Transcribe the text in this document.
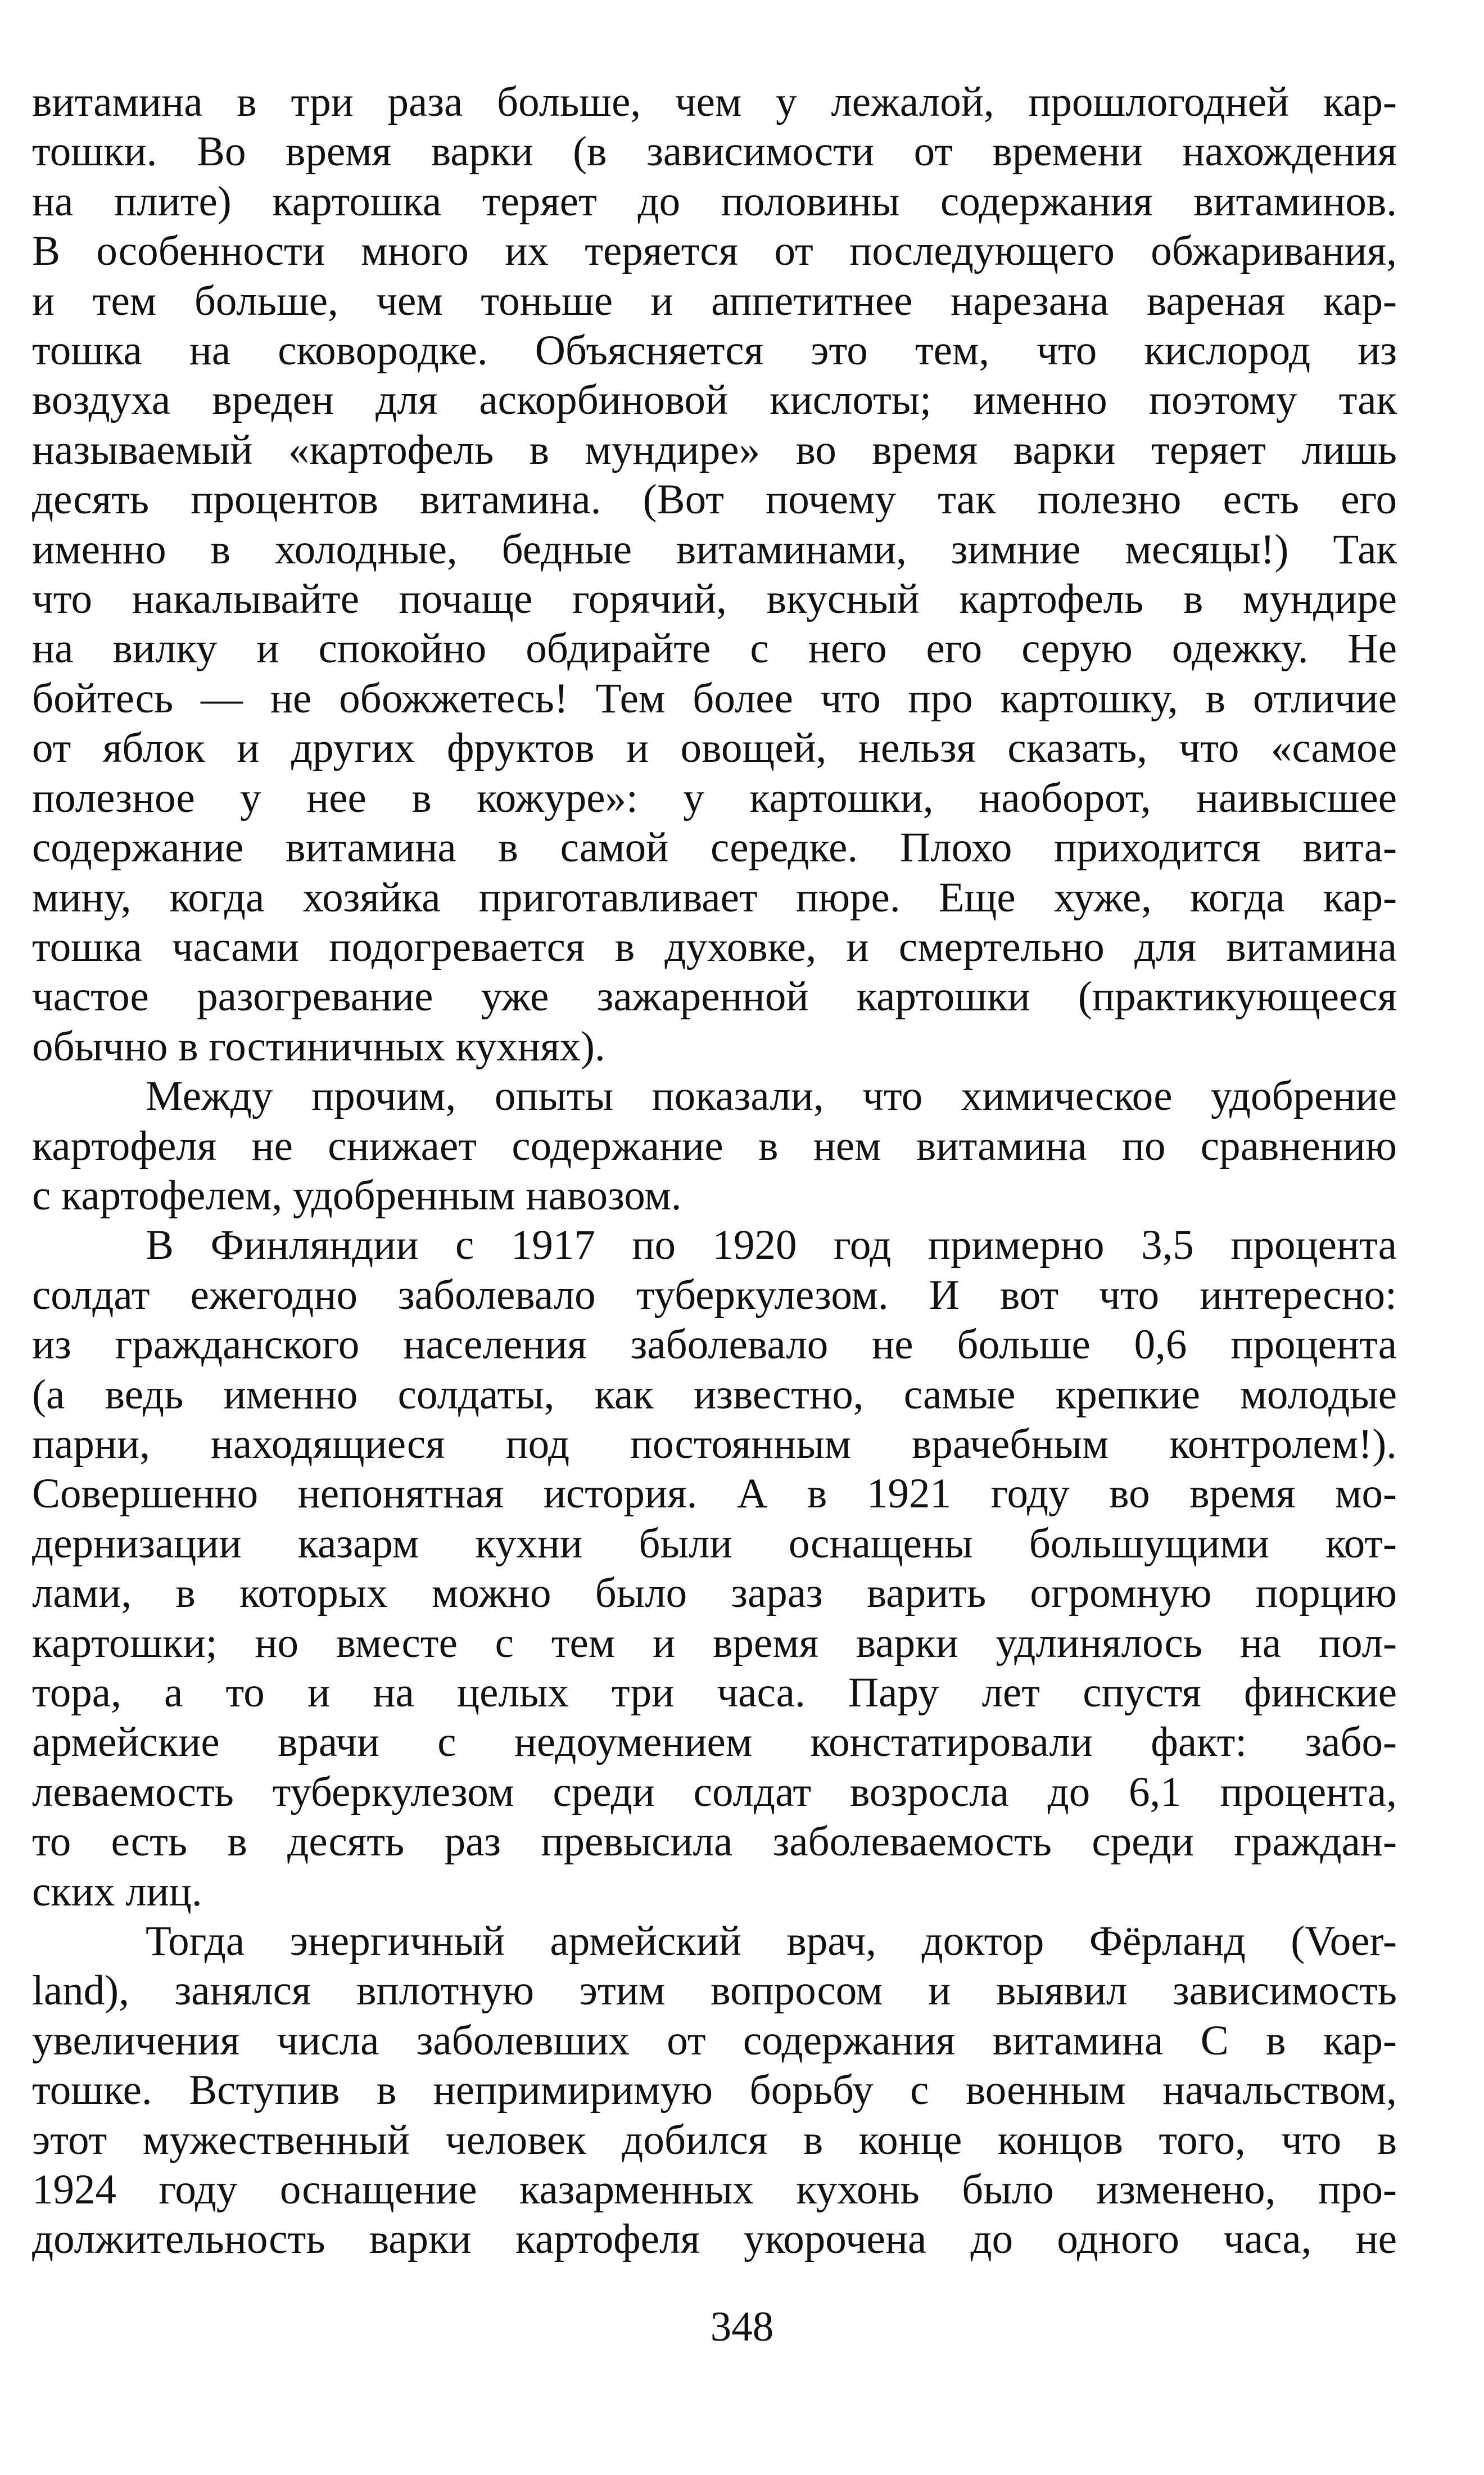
витамина в три раза больше, чем у лежалой, прошлогодней кар-
тошки. Во время варки (в зависимости от времени нахождения
на плите) картошка теряет до половины содержания витаминов.
В особенности много их теряется от последующего обжаривания,
и тем больше, чем тоньше и аппетитнее нарезана вареная кар-
тошка на сковородке. Объясняется это тем, что кислород из
воздуха вреден для аскорбиновой кислоты; именно поэтому так
называемый «картофель в мундире» во время варки теряет лишь
десять процентов витамина. (Вот почему так полезно есть его
именно в холодные, бедные витаминами, зимние месяцы!) Так
что накалывайте почаще горячий, вкусный картофель в мундире
на вилку и спокойно обдирайте с него его серую одежку. Не
бойтесь — не обожжетесь! Тем более что про картошку, в отличие
от яблок и других фруктов и овощей, нельзя сказать, что «самое
полезное у нее в кожуре»: у картошки, наоборот, наивысшее
содержание витамина в самой середке. Плохо приходится вита-
мину, когда хозяйка приготавливает пюре. Еще хуже, когда кар-
тошка часами подогревается в духовке, и смертельно для витамина
частое разогревание уже зажаренной картошки (практикующееся
обычно в гостиничных кухнях).
Между прочим, опыты показали, что химическое удобрение
картофеля не снижает содержание в нем витамина по сравнению
с картофелем, удобренным навозом.
В Финляндии с 1917 по 1920 год примерно 3,5 процента
солдат ежегодно заболевало туберкулезом. И вот что интересно:
из гражданского населения заболевало не больше 0,6 процента
(а ведь именно солдаты, как известно, самые крепкие молодые
парни, находящиеся под постоянным врачебным контролем!).
Совершенно непонятная история. А в 1921 году во время мо-
дернизации казарм кухни были оснащены большущими кот-
лами, в которых можно было зараз варить огромную порцию
картошки; но вместе с тем и время варки удлинялось на пол-
тора, а то и на целых три часа. Пару лет спустя финские
армейские врачи с недоумением констатировали факт: забо-
леваемость туберкулезом среди солдат возросла до 6,1 процента,
то есть в десять раз превысила заболеваемость среди граждан-
ских лиц.
Тогда энергичный армейский врач, доктор Фёрланд (Voer-
land), занялся вплотную этим вопросом и выявил зависимость
увеличения числа заболевших от содержания витамина С в кар-
тошке. Вступив в непримиримую борьбу с военным начальством,
этот мужественный человек добился в конце концов того, что в
1924 году оснащение казарменных кухонь было изменено, про-
должительность варки картофеля укорочена до одного часа, не
348
